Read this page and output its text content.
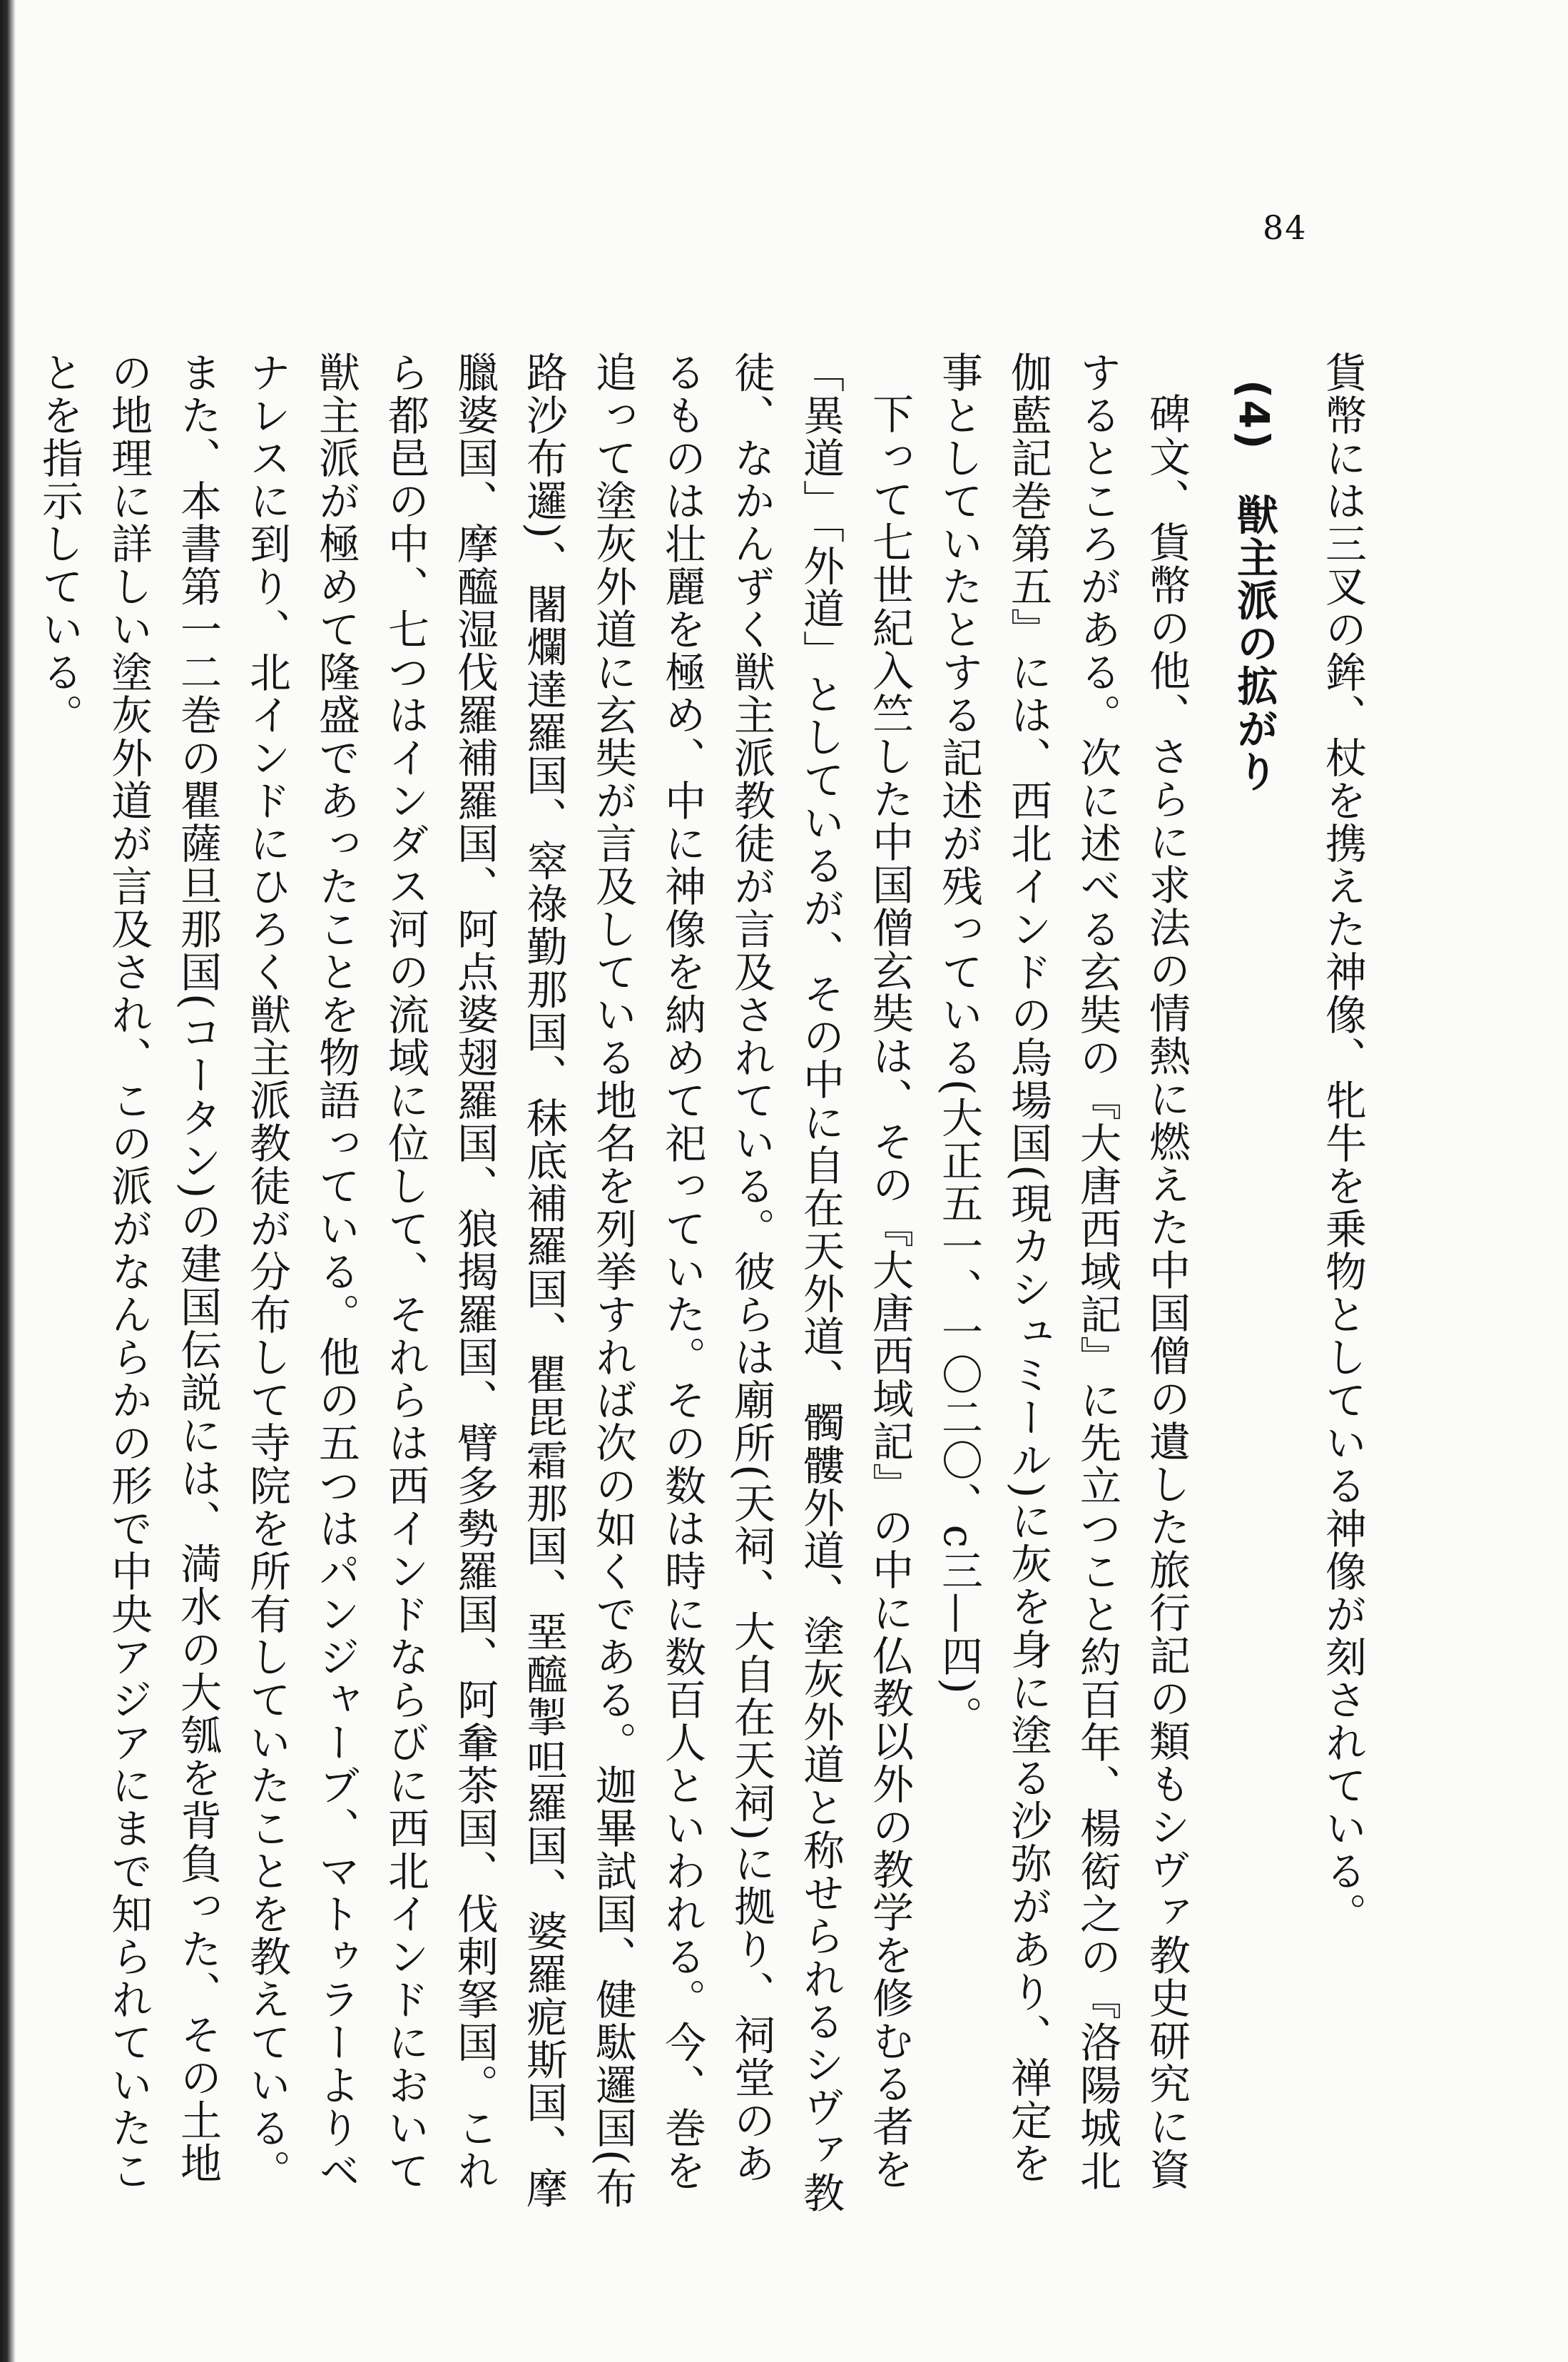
84

貨幣には三叉の鉾、杖を携えた神像、牝牛を乗物としている神像が刻されている。

(4)　獣主派の拡がり

碑文、貨幣の他、さらに求法の情熱に燃えた中国僧の遺した旅行記の類もシヴァ教史研究に資するところがある。次に述べる玄奘の『大唐西域記』に先立つこと約百年、楊衒之の『洛陽城北伽藍記巻第五』には、西北インドの烏場国(現カシュミール)に灰を身に塗る沙弥があり、禅定を事としていたとする記述が残っている(大正五一、一〇二〇、c三—四)。

下って七世紀入竺した中国僧玄奘は、その『大唐西域記』の中に仏教以外の教学を修むる者を「異道」「外道」としているが、その中に自在天外道、髑髏外道、塗灰外道と称せられるシヴァ教徒、なかんずく獣主派教徒が言及されている。彼らは廟所(天祠、大自在天祠)に拠り、祠堂のあるものは壮麗を極め、中に神像を納めて祀っていた。その数は時に数百人といわれる。今、巻を追って塗灰外道に玄奘が言及している地名を列挙すれば次の如くである。迦畢試国、健駄邏国(布路沙布邏)、闍爛達羅国、窣祿勤那国、秣底補羅国、瞿毘霜那国、堊醯掣呾羅国、婆羅痆斯国、摩臘婆国、摩醯湿伐羅補羅国、阿点婆翅羅国、狼揭羅国、臂多勢羅国、阿軬茶国、伐剌拏国。これら都邑の中、七つはインダス河の流域に位して、それらは西インドならびに西北インドにおいて獣主派が極めて隆盛であったことを物語っている。他の五つはパンジャーブ、マトゥラーよりベナレスに到り、北インドにひろく獣主派教徒が分布して寺院を所有していたことを教えている。また、本書第一二巻の瞿薩旦那国(コータン)の建国伝説には、満水の大瓠を背負った、その土地の地理に詳しい塗灰外道が言及され、この派がなんらかの形で中央アジアにまで知られていたことを指示している。
